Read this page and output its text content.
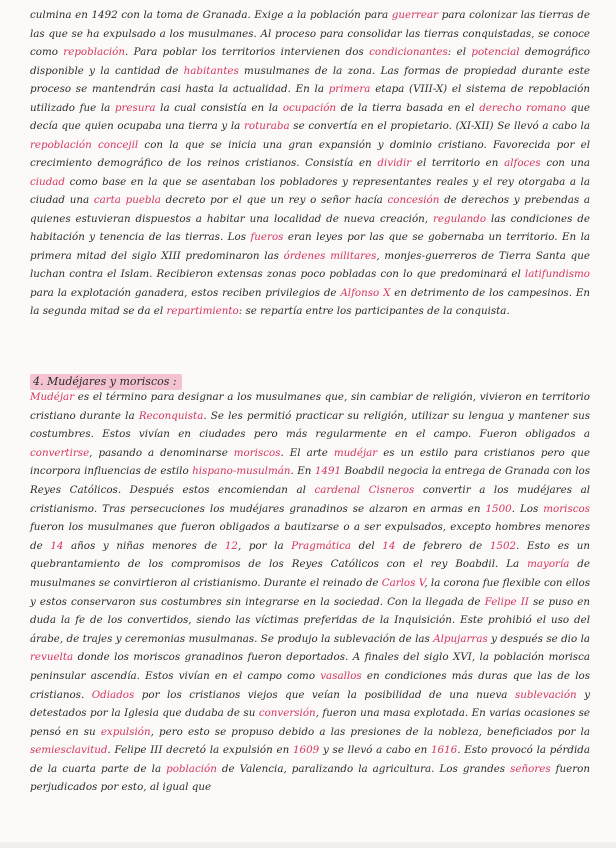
culmina en 1492 con la toma de Granada. Exige a la población para guerrear para colonizar las tierras de las que se ha expulsado a los musulmanes. Al proceso para consolidar las tierras conquistadas, se conoce como repoblación. Para poblar los territorios intervienen dos condicionantes: el potencial demográfico disponible y la cantidad de habitantes musulmanes de la zona. Las formas de propiedad durante este proceso se mantendrán casi hasta la actualidad. En la primera etapa (VIII-X) el sistema de repoblación utilizado fue la presura la cual consistía en la ocupación de la tierra basada en el derecho romano que decía que quien ocupaba una tierra y la roturaba se convertía en el propietario. (XI-XII) Se llevó a cabo la repoblación concejil con la que se inicia una gran expansión y dominio cristiano. Favorecida por el crecimiento demográfico de los reinos cristianos. Consistía en dividir el territorio en alfoces con una ciudad como base en la que se asentaban los pobladores y representantes reales y el rey otorgaba a la ciudad una carta puebla decreto por el que un rey o señor hacía concesión de derechos y prebendas a quienes estuvieran dispuestos a habitar una localidad de nueva creación, regulando las condiciones de habitación y tenencia de las tierras. Los fueros eran leyes por las que se gobernaba un territorio. En la primera mitad del siglo XIII predominaron las órdenes militares, monjes-guerreros de Tierra Santa que luchan contra el Islam. Recibieron extensas zonas poco pobladas con lo que predominará el latifundismo para la explotación ganadera, estos reciben privilegios de Alfonso X en detrimento de los campesinos. En la segunda mitad se da el repartimiento: se repartía entre los participantes de la conquista.
4. Mudéjares y moriscos :
Mudéjar es el término para designar a los musulmanes que, sin cambiar de religión, vivieron en territorio cristiano durante la Reconquista. Se les permitió practicar su religión, utilizar su lengua y mantener sus costumbres. Estos vivían en ciudades pero más regularmente en el campo. Fueron obligados a convertirse, pasando a denominarse moriscos. El arte mudéjar es un estilo para cristianos pero que incorpora influencias de estilo hispano-musulmán. En 1491 Boabdil negocia la entrega de Granada con los Reyes Católicos. Después estos encomiendan al cardenal Cisneros convertir a los mudéjares al cristianismo. Tras persecuciones los mudéjares granadinos se alzaron en armas en 1500. Los moriscos fueron los musulmanes que fueron obligados a bautizarse o a ser expulsados, excepto hombres menores de 14 años y niñas menores de 12, por la Pragmática del 14 de febrero de 1502. Esto es un quebrantamiento de los compromisos de los Reyes Católicos con el rey Boabdil. La mayoría de musulmanes se convirtieron al cristianismo. Durante el reinado de Carlos V, la corona fue flexible con ellos y estos conservaron sus costumbres sin integrarse en la sociedad. Con la llegada de Felipe II se puso en duda la fe de los convertidos, siendo las víctimas preferidas de la Inquisición. Este prohibió el uso del árabe, de trajes y ceremonias musulmanas. Se produjo la sublevación de las Alpujarras y después se dio la revuelta donde los moriscos granadinos fueron deportados. A finales del siglo XVI, la población morisca peninsular ascendía. Estos vivían en el campo como vasallos en condiciones más duras que las de los cristianos. Odiados por los cristianos viejos que veían la posibilidad de una nueva sublevación y detestados por la Iglesia que dudaba de su conversión, fueron una masa explotada. En varias ocasiones se pensó en su expulsión, pero esto se propuso debido a las presiones de la nobleza, beneficiados por la semiesclavitud. Felipe III decretó la expulsión en 1609 y se llevó a cabo en 1616. Esto provocó la pérdida de la cuarta parte de la población de Valencia, paralizando la agricultura. Los grandes señores fueron perjudicados por esto, al igual que
